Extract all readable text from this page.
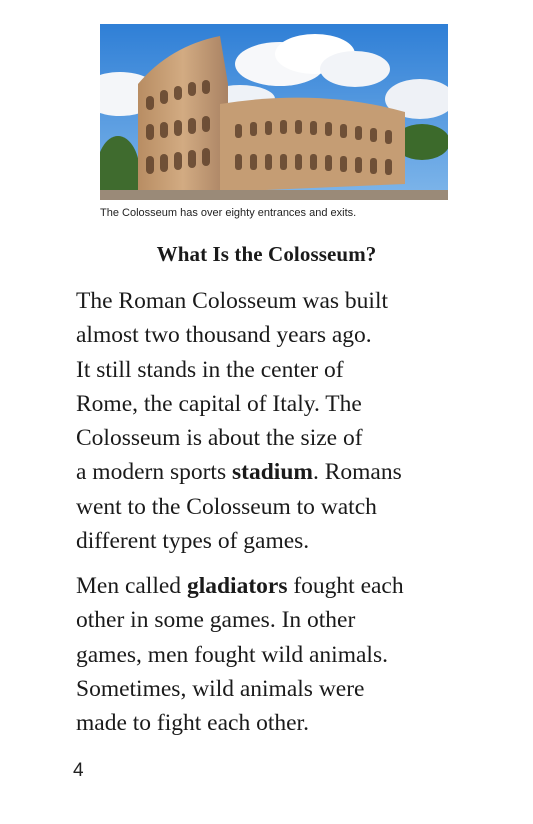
The Colosseum has over eighty entrances and exits.
What Is the Colosseum?

The Roman Colosseum was built
almost two thousand years ago.
It still stands in the center of
Rome, the capital of Italy. The
Colosseum is about the size of
a modern sports stadium. Romans
went to the Colosseum to watch
different types of games.

Men called gladiators fought each
other in some games. In other
games, men fought wild animals.
Sometimes, wild animals were
made to fight each other.

4
